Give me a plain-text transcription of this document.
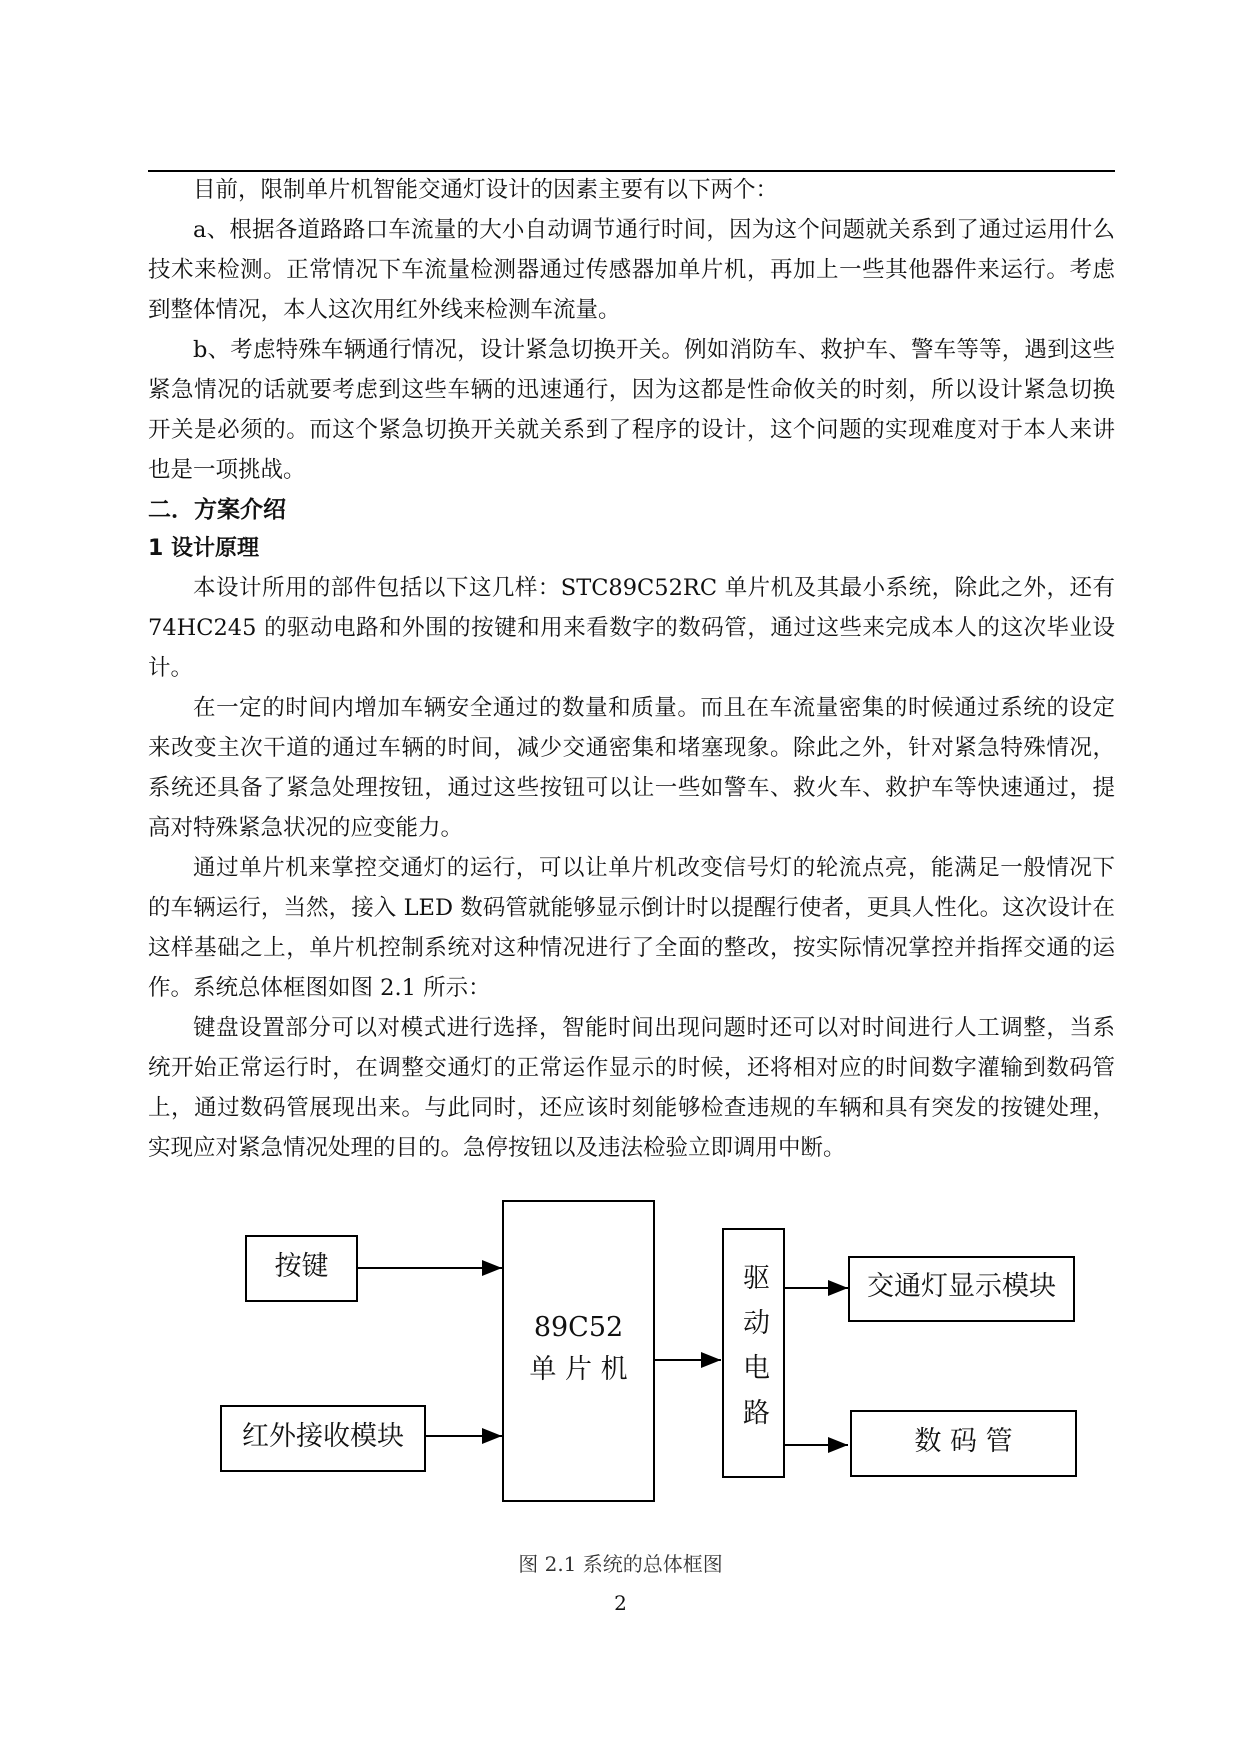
目前，限制单片机智能交通灯设计的因素主要有以下两个：

a、根据各道路路口车流量的大小自动调节通行时间，因为这个问题就关系到了通过运用什么技术来检测。正常情况下车流量检测器通过传感器加单片机，再加上一些其他器件来运行。考虑到整体情况，本人这次用红外线来检测车流量。

b、考虑特殊车辆通行情况，设计紧急切换开关。例如消防车、救护车、警车等等，遇到这些紧急情况的话就要考虑到这些车辆的迅速通行，因为这都是性命攸关的时刻，所以设计紧急切换开关是必须的。而这个紧急切换开关就关系到了程序的设计，这个问题的实现难度对于本人来讲也是一项挑战。

二．方案介绍
1 设计原理

本设计所用的部件包括以下这几样：STC89C52RC 单片机及其最小系统，除此之外，还有 74HC245 的驱动电路和外围的按键和用来看数字的数码管，通过这些来完成本人的这次毕业设计。

在一定的时间内增加车辆安全通过的数量和质量。而且在车流量密集的时候通过系统的设定来改变主次干道的通过车辆的时间，减少交通密集和堵塞现象。除此之外，针对紧急特殊情况，系统还具备了紧急处理按钮，通过这些按钮可以让一些如警车、救火车、救护车等快速通过，提高对特殊紧急状况的应变能力。

通过单片机来掌控交通灯的运行，可以让单片机改变信号灯的轮流点亮，能满足一般情况下的车辆运行，当然，接入 LED 数码管就能够显示倒计时以提醒行使者，更具人性化。这次设计在这样基础之上，单片机控制系统对这种情况进行了全面的整改，按实际情况掌控并指挥交通的运作。系统总体框图如图 2.1 所示：

键盘设置部分可以对模式进行选择，智能时间出现问题时还可以对时间进行人工调整，当系统开始正常运行时，在调整交通灯的正常运作显示的时候，还将相对应的时间数字灌输到数码管上，通过数码管展现出来。与此同时，还应该时刻能够检查违规的车辆和具有突发的按键处理，实现应对紧急情况处理的目的。急停按钮以及违法检验立即调用中断。

按键
红外接收模块
89C52
单 片 机	驱动电路	交通灯显示模块
数 码 管
图 2.1 系统的总体框图
2
